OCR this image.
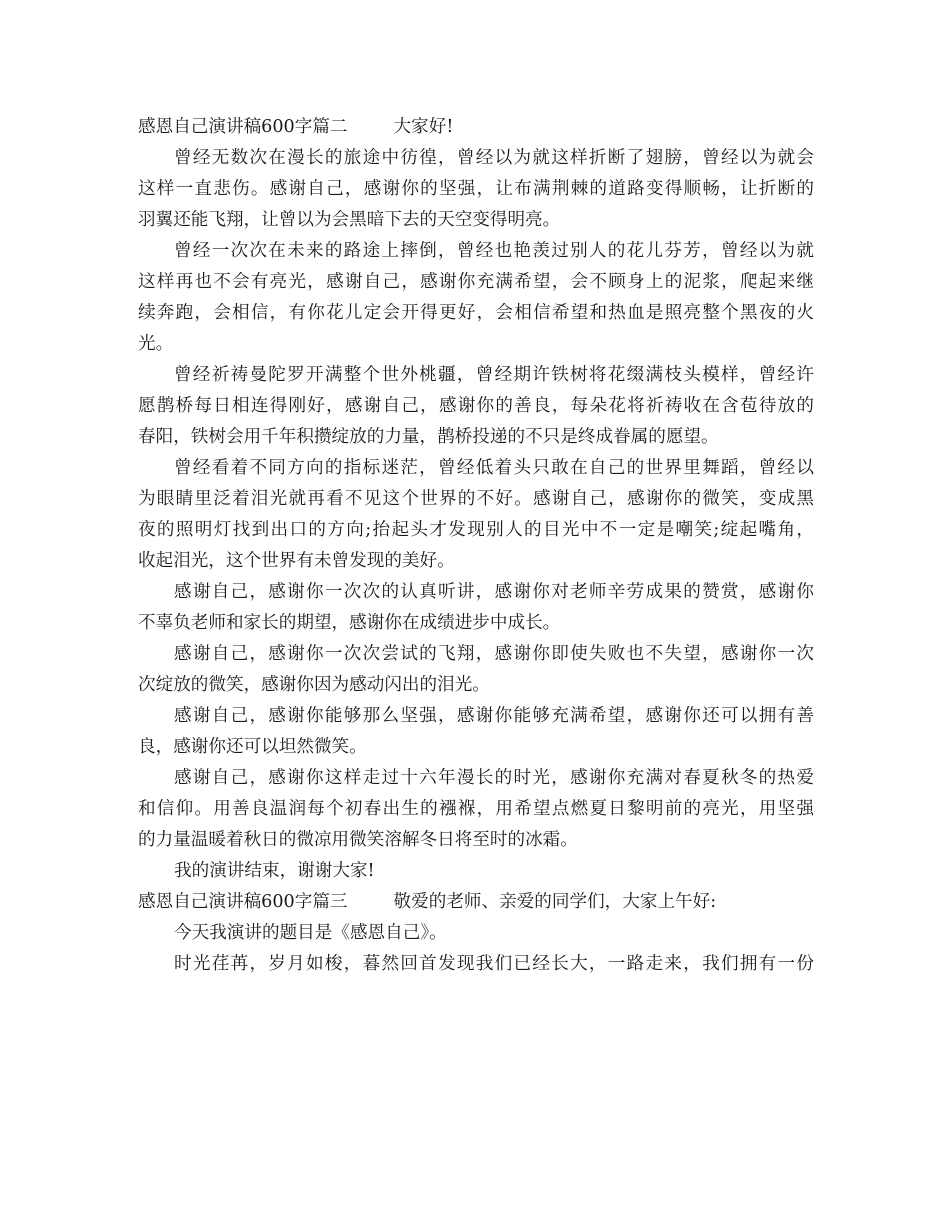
感恩自己演讲稿600字篇二	大家好!
曾经无数次在漫长的旅途中彷徨，曾经以为就这样折断了翅膀，曾经以为就会
这样一直悲伤。感谢自己，感谢你的坚强，让布满荆棘的道路变得顺畅，让折断的
羽翼还能飞翔，让曾以为会黑暗下去的天空变得明亮。
曾经一次次在未来的路途上摔倒，曾经也艳羡过别人的花儿芬芳，曾经以为就
这样再也不会有亮光，感谢自己，感谢你充满希望，会不顾身上的泥浆，爬起来继
续奔跑，会相信，有你花儿定会开得更好，会相信希望和热血是照亮整个黑夜的火
光。
曾经祈祷曼陀罗开满整个世外桃疆，曾经期许铁树将花缀满枝头模样，曾经许
愿鹊桥每日相连得刚好，感谢自己，感谢你的善良，每朵花将祈祷收在含苞待放的
春阳，铁树会用千年积攒绽放的力量，鹊桥投递的不只是终成眷属的愿望。
曾经看着不同方向的指标迷茫，曾经低着头只敢在自己的世界里舞蹈，曾经以
为眼睛里泛着泪光就再看不见这个世界的不好。感谢自己，感谢你的微笑，变成黑
夜的照明灯找到出口的方向;抬起头才发现别人的目光中不一定是嘲笑;绽起嘴角，
收起泪光，这个世界有未曾发现的美好。
感谢自己，感谢你一次次的认真听讲，感谢你对老师辛劳成果的赞赏，感谢你
不辜负老师和家长的期望，感谢你在成绩进步中成长。
感谢自己，感谢你一次次尝试的飞翔，感谢你即使失败也不失望，感谢你一次
次绽放的微笑，感谢你因为感动闪出的泪光。
感谢自己，感谢你能够那么坚强，感谢你能够充满希望，感谢你还可以拥有善
良，感谢你还可以坦然微笑。
感谢自己，感谢你这样走过十六年漫长的时光，感谢你充满对春夏秋冬的热爱
和信仰。用善良温润每个初春出生的襁褓，用希望点燃夏日黎明前的亮光，用坚强
的力量温暖着秋日的微凉用微笑溶解冬日将至时的冰霜。
我的演讲结束，谢谢大家!
感恩自己演讲稿600字篇三	敬爱的老师、亲爱的同学们，大家上午好:
今天我演讲的题目是《感恩自己》。
时光荏苒，岁月如梭，暮然回首发现我们已经长大，一路走来，我们拥有一份
